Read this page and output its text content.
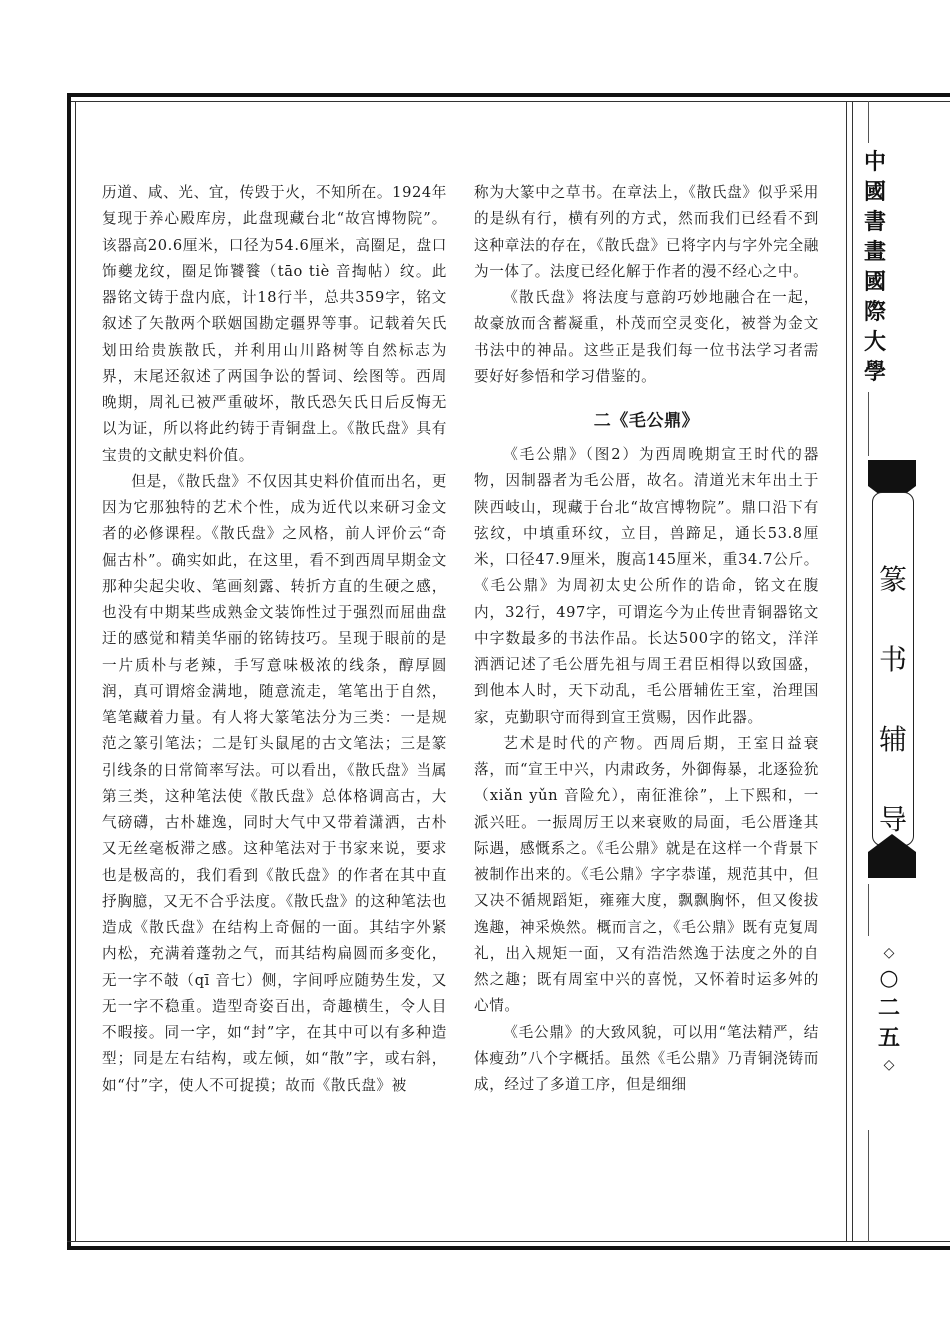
中
國
書
畫
國
際
大
學
篆
书
辅
导
◇
○
二
五
◇

历道、咸、光、宜，传毁于火，不知所在。1924年复现于养心殿库房，此盘现藏台北“故宫博物院”。该器高20.6厘米，口径为54.6厘米，高圈足，盘口饰夔龙纹，圈足饰饕餮（tāo tiè 音掏帖）纹。此器铭文铸于盘内底，计18行半，总共359字，铭文叙述了矢散两个联姻国勘定疆界等事。记载着矢氏划田给贵族散氏，并利用山川路树等自然标志为界，末尾还叙述了两国争讼的誓词、绘图等。西周晚期，周礼已被严重破坏，散氏恐矢氏日后反悔无以为证，所以将此约铸于青铜盘上。《散氏盘》具有宝贵的文献史料价值。

但是，《散氏盘》不仅因其史料价值而出名，更因为它那独特的艺术个性，成为近代以来研习金文者的必修课程。《散氏盘》之风格，前人评价云“奇倔古朴”。确实如此，在这里，看不到西周早期金文那种尖起尖收、笔画刻露、转折方直的生硬之感，也没有中期某些成熟金文装饰性过于强烈而屈曲盘迂的感觉和精美华丽的铭铸技巧。呈现于眼前的是一片质朴与老辣，手写意味极浓的线条，醇厚圆润，真可谓熔金满地，随意流走，笔笔出于自然，笔笔藏着力量。有人将大篆笔法分为三类：一是规范之篆引笔法；二是钉头鼠尾的古文笔法；三是篆引线条的日常简率写法。可以看出，《散氏盘》当属第三类，这种笔法使《散氏盘》总体格调高古，大气磅礴，古朴雄逸，同时大气中又带着潇洒，古朴又无丝毫板滞之感。这种笔法对于书家来说，要求也是极高的，我们看到《散氏盘》的作者在其中直抒胸臆，又无不合乎法度。《散氏盘》的这种笔法也造成《散氏盘》在结构上奇倔的一面。其结字外紧内松，充满着蓬勃之气，而其结构扁圆而多变化，无一字不攲（qī 音七）侧，字间呼应随势生发，又无一字不稳重。造型奇姿百出，奇趣横生，令人目不暇接。同一字，如“封”字，在其中可以有多种造型；同是左右结构，或左倾，如“散”字，或右斜，如“付”字，使人不可捉摸；故而《散氏盘》被

称为大篆中之草书。在章法上，《散氏盘》似乎采用的是纵有行，横有列的方式，然而我们已经看不到这种章法的存在，《散氏盘》已将字内与字外完全融为一体了。法度已经化解于作者的漫不经心之中。

《散氏盘》将法度与意韵巧妙地融合在一起，故豪放而含蓄凝重，朴茂而空灵变化，被誉为金文书法中的神品。这些正是我们每一位书法学习者需要好好参悟和学习借鉴的。

二《毛公鼎》

《毛公鼎》（图2）为西周晚期宣王时代的器物，因制器者为毛公厝，故名。清道光末年出土于陕西岐山，现藏于台北“故宫博物院”。鼎口沿下有弦纹，中填重环纹，立目，兽蹄足，通长53.8厘米，口径47.9厘米，腹高145厘米，重34.7公斤。《毛公鼎》为周初太史公所作的诰命，铭文在腹内，32行，497字，可谓迄今为止传世青铜器铭文中字数最多的书法作品。长达500字的铭文，洋洋洒洒记述了毛公厝先祖与周王君臣相得以致国盛，到他本人时，天下动乱，毛公厝辅佐王室，治理国家，克勤职守而得到宣王赏赐，因作此器。

艺术是时代的产物。西周后期，王室日益衰落，而“宣王中兴，内肃政务，外御侮暴，北逐猃狁（xiǎn yǔn 音险允），南征淮徐”，上下熙和，一派兴旺。一振周厉王以来衰败的局面，毛公厝逢其际遇，感慨系之。《毛公鼎》就是在这样一个背景下被制作出来的。《毛公鼎》字字恭谨，规范其中，但又决不循规蹈矩，雍雍大度，飘飘胸怀，但又俊拔逸趣，神采焕然。概而言之，《毛公鼎》既有克复周礼，出入规矩一面，又有浩浩然逸于法度之外的自然之趣；既有周室中兴的喜悦，又怀着时运多舛的心情。

《毛公鼎》的大致风貌，可以用“笔法精严，结体瘦劲”八个字概括。虽然《毛公鼎》乃青铜浇铸而成，经过了多道工序，但是细细
